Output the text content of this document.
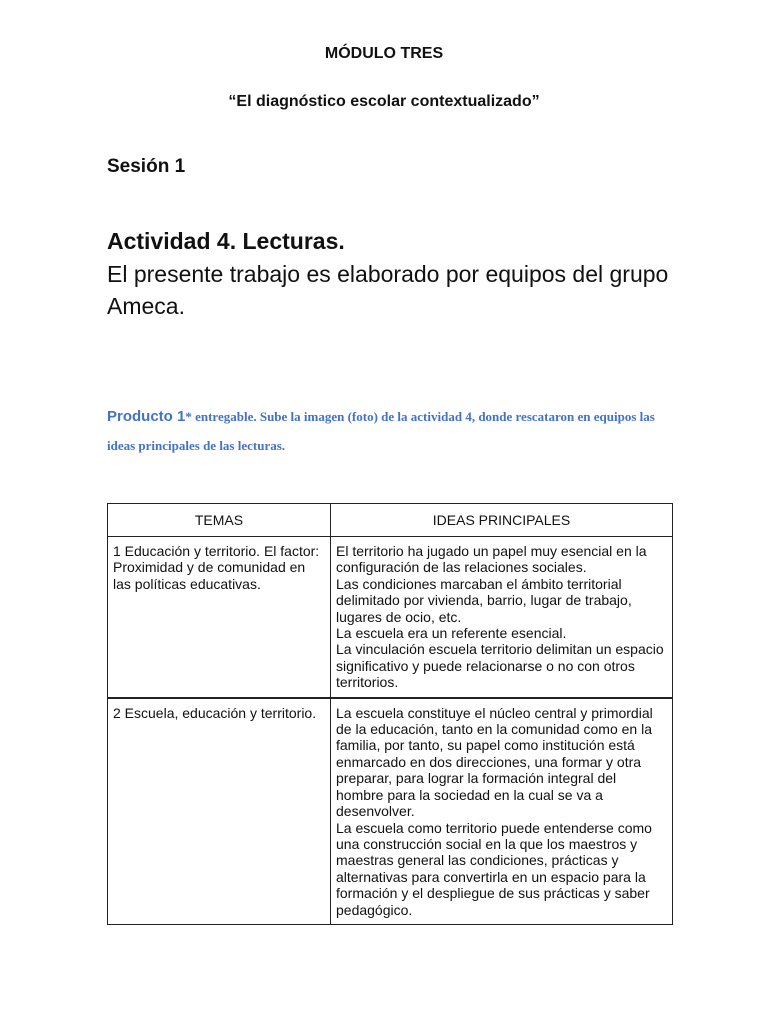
MÓDULO TRES
“El diagnóstico escolar contextualizado”
Sesión 1
Actividad 4. Lecturas.
El presente trabajo es elaborado por equipos del grupo Ameca.
Producto 1* entregable. Sube la imagen (foto) de la actividad 4, donde rescataron en equipos las ideas principales de las lecturas.
TEMAS	IDEAS PRINCIPALES
1 Educación y territorio. El factor: Proximidad y de comunidad en las políticas educativas.	El territorio ha jugado un papel muy esencial en la configuración de las relaciones sociales.
Las condiciones marcaban el ámbito territorial delimitado por vivienda, barrio, lugar de trabajo, lugares de ocio, etc.
La escuela era un referente esencial.
La vinculación escuela territorio delimitan un espacio significativo y puede relacionarse o no con otros territorios.

2 Escuela, educación y territorio.	La escuela constituye el núcleo central y primordial de la educación, tanto en la comunidad como en la familia, por tanto, su papel como institución está enmarcado en dos direcciones, una formar y otra preparar, para lograr la formación integral del hombre para la sociedad en la cual se va a desenvolver.
La escuela como territorio puede entenderse como una construcción social en la que los maestros y maestras general las condiciones, prácticas y alternativas para convertirla en un espacio para la formación y el despliegue de sus prácticas y saber pedagógico.
